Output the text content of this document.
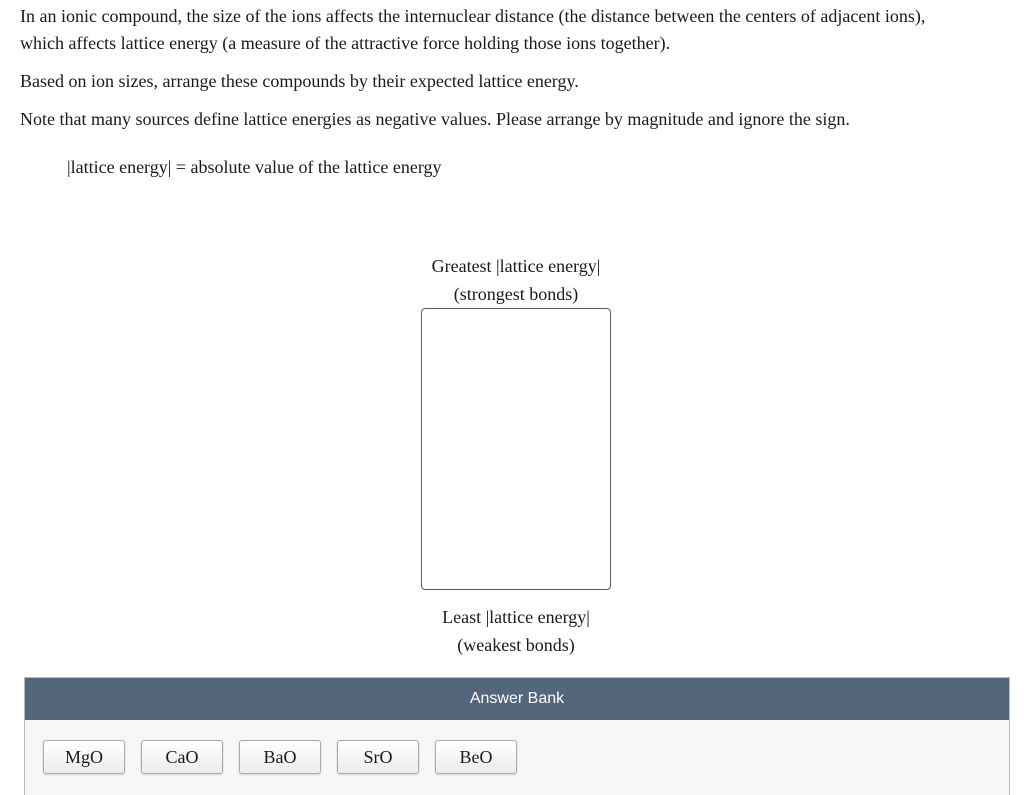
In an ionic compound, the size of the ions affects the internuclear distance (the distance between the centers of adjacent ions),
which affects lattice energy (a measure of the attractive force holding those ions together).
Based on ion sizes, arrange these compounds by their expected lattice energy.
Note that many sources define lattice energies as negative values. Please arrange by magnitude and ignore the sign.
|lattice energy| = absolute value of the lattice energy
Greatest |lattice energy|
(strongest bonds)
Least |lattice energy|
(weakest bonds)
Answer Bank
MgO	CaO	BaO	SrO	BeO
